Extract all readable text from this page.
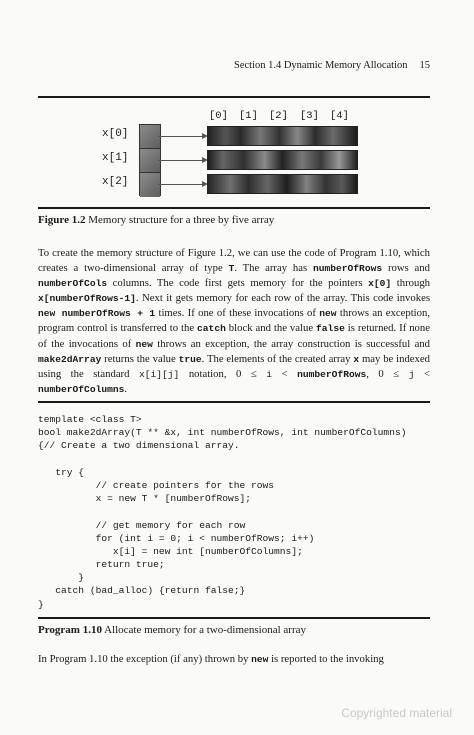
Section 1.4 Dynamic Memory Allocation 15
[0] [1] [2] [3] [4]
x[0]
x[1]
x[2]
Figure 1.2 Memory structure for a three by five array
To create the memory structure of Figure 1.2, we can use the code of Program 1.10, which creates a two-dimensional array of type T. The array has numberOfRows rows and numberOfCols columns. The code first gets memory for the pointers x[0] through x[numberOfRows-1]. Next it gets memory for each row of the array. This code invokes new numberOfRows + 1 times. If one of these invocations of new throws an exception, program control is transferred to the catch block and the value false is returned. If none of the invocations of new throws an exception, the array construction is successful and make2dArray returns the value true. The elements of the created array x may be indexed using the standard x[i][j] notation, 0 ≤ i < numberOfRows, 0 ≤ j < numberOfColumns.
template <class T>
bool make2dArray(T ** &x, int numberOfRows, int numberOfColumns)
{// Create a two dimensional array.
try {
// create pointers for the rows
x = new T * [numberOfRows];
// get memory for each row
for (int i = 0; i < numberOfRows; i++)
x[i] = new int [numberOfColumns];
return true;
}
catch (bad_alloc) {return false;}
}
Program 1.10 Allocate memory for a two-dimensional array
In Program 1.10 the exception (if any) thrown by new is reported to the invoking
Copyrighted material
